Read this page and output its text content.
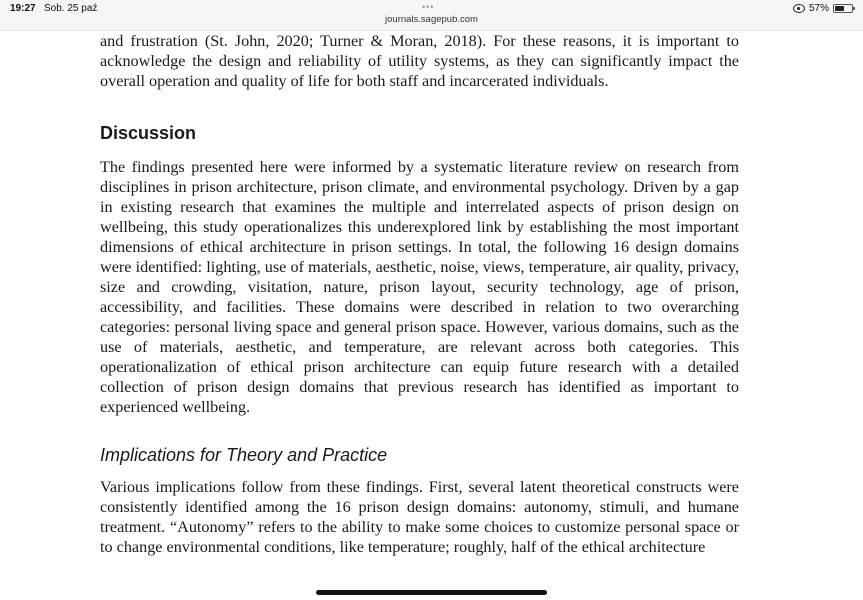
19:27 Sob. 25 paź	•••
journals.sagepub.com
57%

and frustration (St. John, 2020; Turner & Moran, 2018). For these reasons, it is important to acknowledge the design and reliability of utility systems, as they can significantly impact the overall operation and quality of life for both staff and incarcerated individuals.

Discussion

The findings presented here were informed by a systematic literature review on research from disciplines in prison architecture, prison climate, and environmental psychology. Driven by a gap in existing research that examines the multiple and interrelated aspects of prison design on wellbeing, this study operationalizes this underexplored link by establishing the most important dimensions of ethical architecture in prison settings. In total, the following 16 design domains were identified: lighting, use of materials, aesthetic, noise, views, temperature, air quality, privacy, size and crowding, visitation, nature, prison layout, security technology, age of prison, accessibility, and facilities. These domains were described in relation to two overarching categories: personal living space and general prison space. However, various domains, such as the use of materials, aesthetic, and temperature, are relevant across both categories. This operationalization of ethical prison architecture can equip future research with a detailed collection of prison design domains that previous research has identified as important to experienced wellbeing.

Implications for Theory and Practice

Various implications follow from these findings. First, several latent theoretical constructs were consistently identified among the 16 prison design domains: autonomy, stimuli, and humane treatment. “Autonomy” refers to the ability to make some choices to customize personal space or to change environmental conditions, like temperature; roughly, half of the ethical architecture
